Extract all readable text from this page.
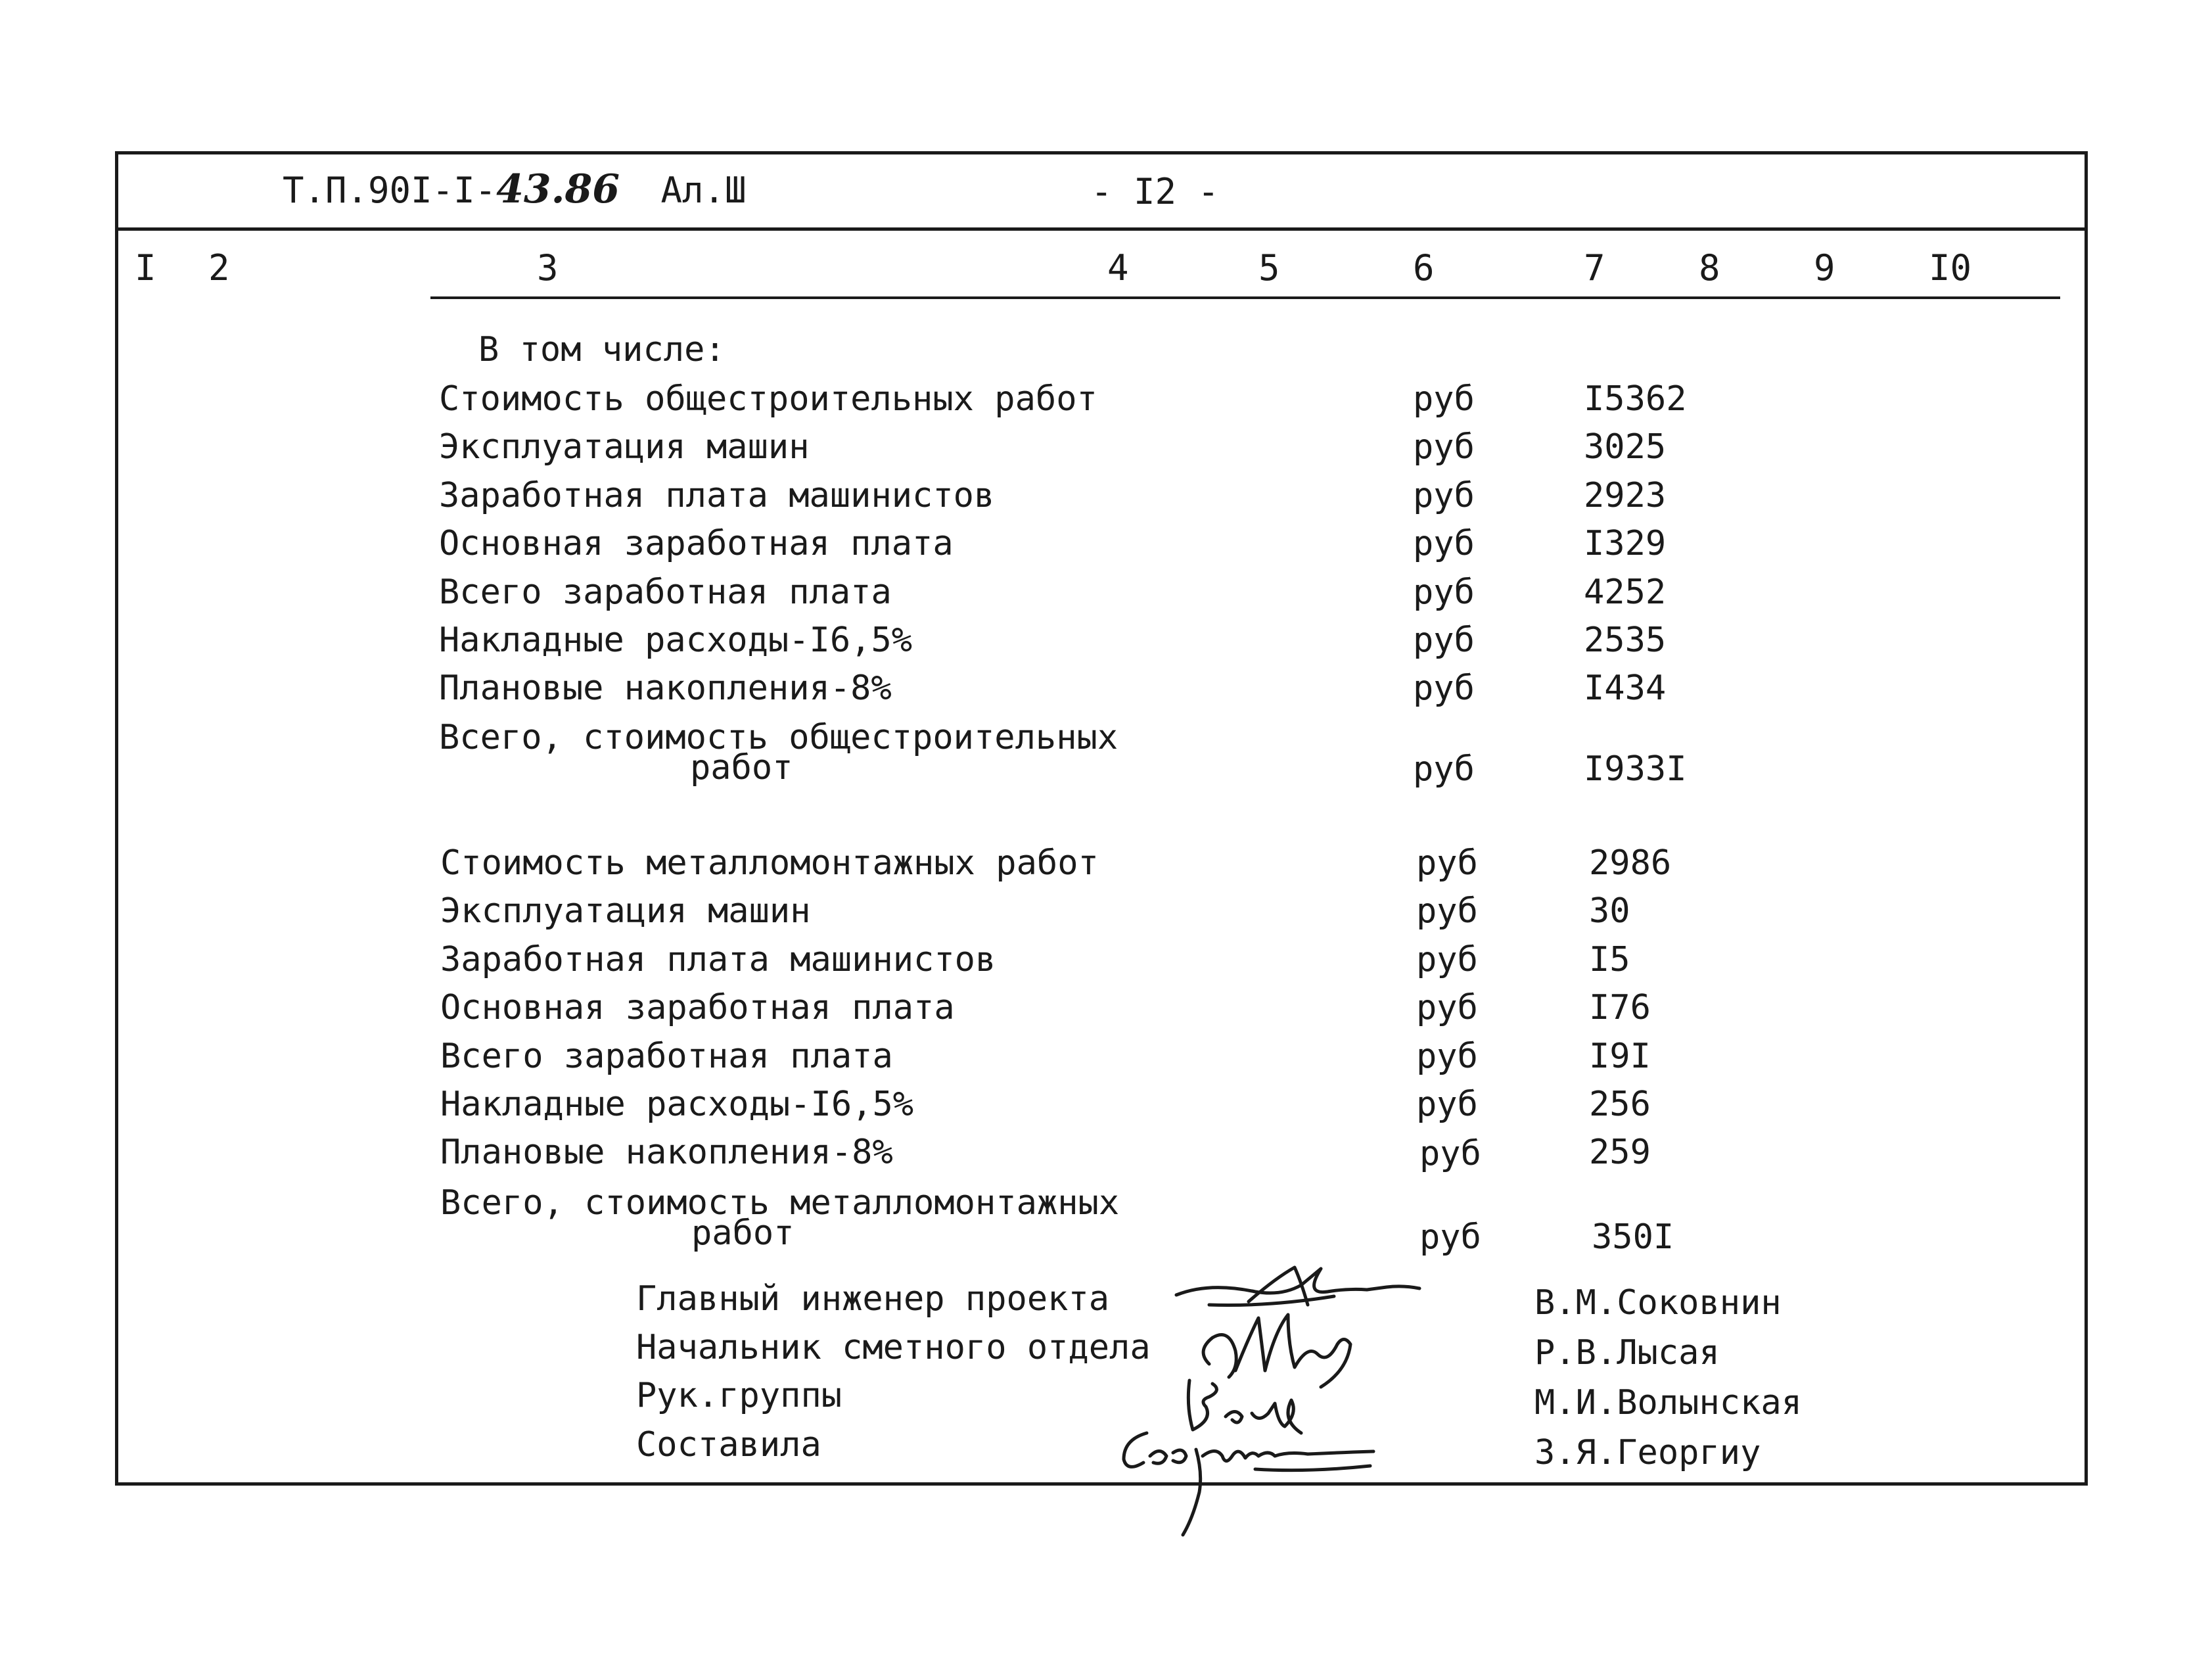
Т.П.90I-I-43.86 Ал.Ш	- I2 -
I 2	3	4	5	6	7	8	9	I0
В том числе:
Стоимость общестроительных работ	руб	I5362
Эксплуатация машин	руб	3025
Заработная плата машинистов	руб	2923
Основная заработная плата	руб	I329
Всего заработная плата	руб	4252
Накладные расходы-I6,5%	руб	2535
Плановые накопления-8%	руб	I434
Всего, стоимость общестроительных
работ	руб	I933I
Стоимость металломонтажных работ	руб	2986
Эксплуатация машин	руб	30
Заработная плата машинистов	руб	I5
Основная заработная плата	руб	I76
Всего заработная плата	руб	I9I
Накладные расходы-I6,5%	руб	256
Плановые накопления-8%	руб	259
Всего, стоимость металломонтажных
работ	руб	350I
Главный инженер проекта	В.М.Соковнин
Начальник сметного отдела	Р.В.Лысая
Рук.группы	М.И.Волынская
Составила	З.Я.Георгиу
